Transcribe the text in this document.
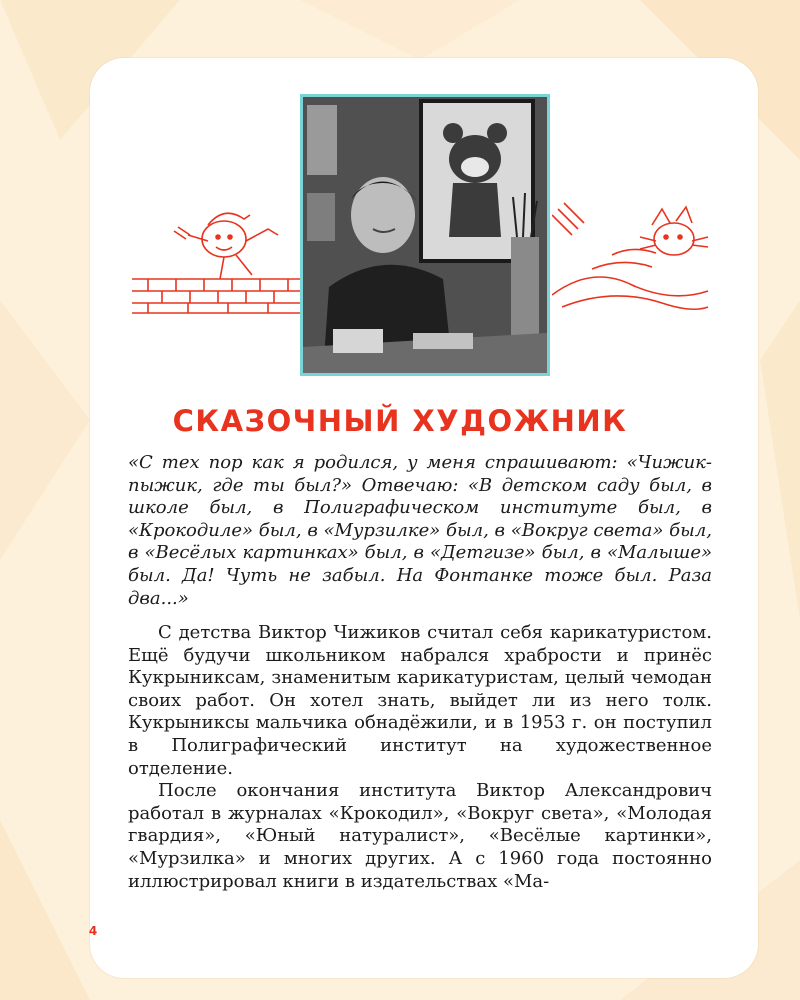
СКАЗОЧНЫЙ ХУДОЖНИК

«С тех пор как я родился, у меня спрашивают: «Чижик-пыжик, где ты был?» Отвечаю: «В детском саду был, в школе был, в Полиграфическом институте был, в «Крокодиле» был, в «Мурзилке» был, в «Вокруг света» был, в «Весёлых картинках» был, в «Детгизе» был, в «Малыше» был. Да! Чуть не забыл. На Фонтанке тоже был. Раза два...»

С детства Виктор Чижиков считал себя карикатуристом. Ещё будучи школьником набрался храбрости и принёс Кукрыниксам, знаменитым карикатуристам, целый чемодан своих работ. Он хотел знать, выйдет ли из него толк. Кукрыниксы мальчика обнадёжили, и в 1953 г. он поступил в Полиграфический институт на художественное отделение.

После окончания института Виктор Александрович работал в журналах «Крокодил», «Вокруг света», «Молодая гвардия», «Юный натуралист», «Весёлые картинки», «Мурзилка» и многих других. А с 1960 года постоянно иллюстрировал книги в издательствах «Ма-

4
